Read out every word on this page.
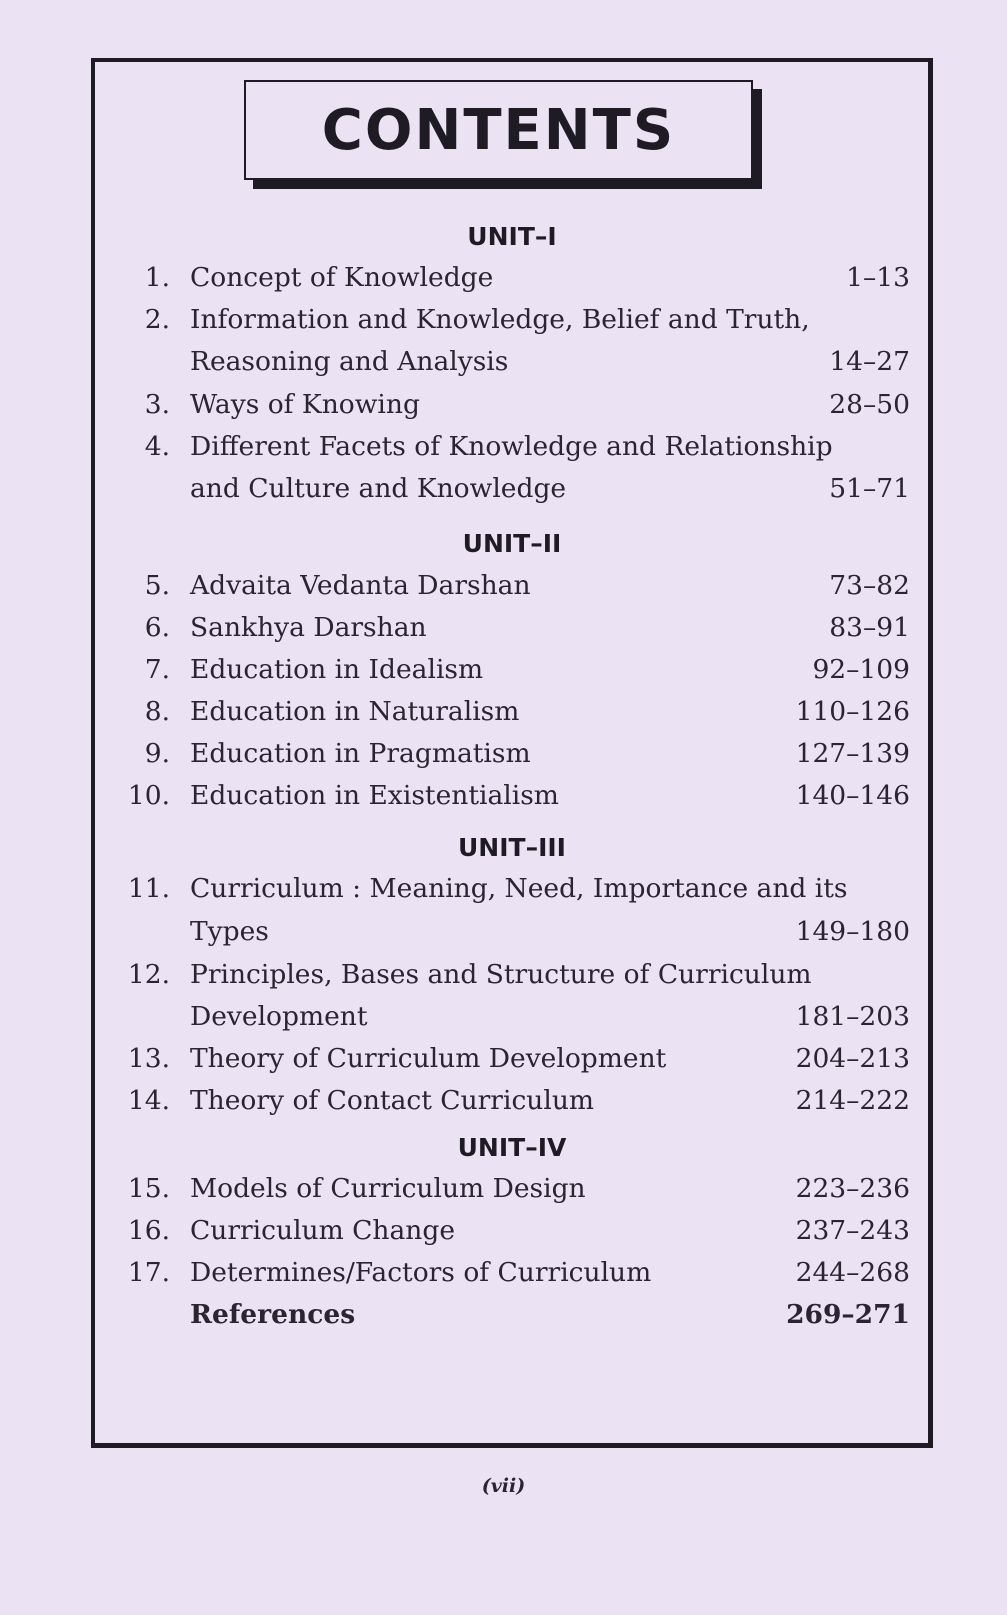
CONTENTS
UNIT–I
1. Concept of Knowledge	1–13
2. Information and Knowledge, Belief and Truth,
Reasoning and Analysis	14–27
3. Ways of Knowing	28–50
4. Different Facets of Knowledge and Relationship
and Culture and Knowledge	51–71
UNIT–II
5. Advaita Vedanta Darshan	73–82
6. Sankhya Darshan	83–91
7. Education in Idealism	92–109
8. Education in Naturalism	110–126
9. Education in Pragmatism	127–139
10. Education in Existentialism	140–146
UNIT–III
11. Curriculum : Meaning, Need, Importance and its
Types	149–180
12. Principles, Bases and Structure of Curriculum
Development	181–203
13. Theory of Curriculum Development	204–213
14. Theory of Contact Curriculum	214–222
UNIT–IV
15. Models of Curriculum Design	223–236
16. Curriculum Change	237–243
17. Determines/Factors of Curriculum	244–268
References	269–271
(vii)
